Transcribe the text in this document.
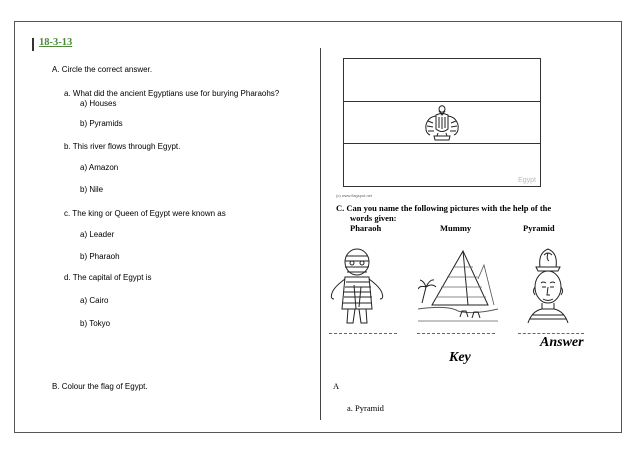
18-3-13
A. Circle the correct answer.
a. What did the ancient Egyptians use for burying Pharaohs?
a) Houses
b) Pyramids
b. This river flows through Egypt.
a) Amazon
b) Nile
c. The king or Queen of Egypt were known as
a) Leader
b) Pharaoh
d. The capital of Egypt is
a) Cairo
b) Tokyo
B. Colour the flag of Egypt.
Egypt
(c) www.flagspot.net
C. Can you name the following pictures with the help of the
words given:
Pharaoh	Mummy	Pyramid
Answer
Key
A
a. Pyramid
